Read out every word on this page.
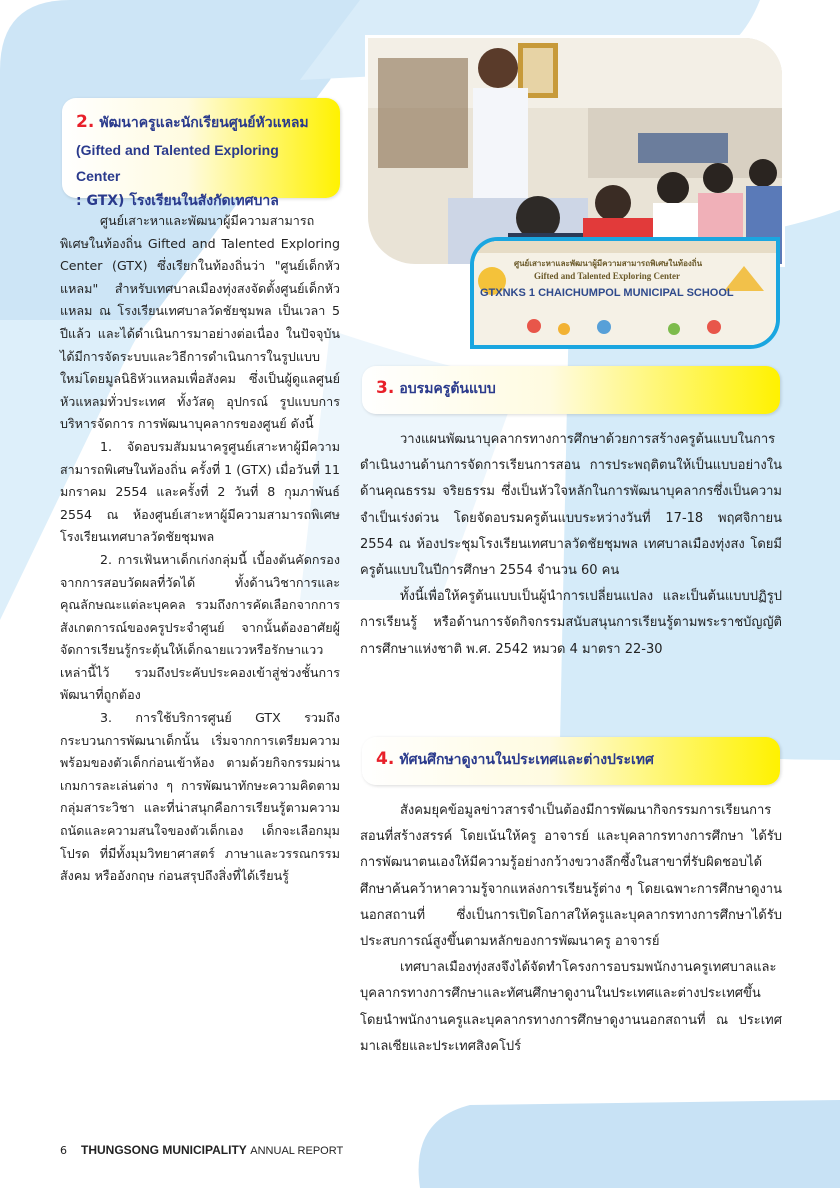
2. พัฒนาครูและนักเรียนศูนย์หัวแหลม
(Gifted and Talented Exploring Center
: GTX) โรงเรียนในสังกัดเทศบาล

ศูนย์เสาะหาและพัฒนาผู้มีความสามารถพิเศษในท้องถิ่น Gifted and Talented Exploring Center (GTX) ซึ่งเรียกในท้องถิ่นว่า "ศูนย์เด็กหัวแหลม" สำหรับเทศบาลเมืองทุ่งสงจัดตั้งศูนย์เด็กหัวแหลม ณ โรงเรียนเทศบาลวัดชัยชุมพล เป็นเวลา 5 ปีแล้ว และได้ดำเนินการมาอย่างต่อเนื่อง ในปัจจุบันได้มีการจัดระบบและวิธีการดำเนินการในรูปแบบใหม่โดยมูลนิธิหัวแหลมเพื่อสังคม ซึ่งเป็นผู้ดูแลศูนย์หัวแหลมทั่วประเทศ ทั้งวัสดุ อุปกรณ์ รูปแบบการบริหารจัดการ การพัฒนาบุคลากรของศูนย์ ดังนี้

1. จัดอบรมสัมมนาครูศูนย์เสาะหาผู้มีความสามารถพิเศษในท้องถิ่น ครั้งที่ 1 (GTX) เมื่อวันที่ 11 มกราคม 2554 และครั้งที่ 2 วันที่ 8 กุมภาพันธ์ 2554 ณ ห้องศูนย์เสาะหาผู้มีความสามารถพิเศษ โรงเรียนเทศบาลวัดชัยชุมพล

2. การเฟ้นหาเด็กเก่งกลุ่มนี้ เบื้องต้นคัดกรองจากการสอบวัดผลที่วัดได้ ทั้งด้านวิชาการและคุณลักษณะแต่ละบุคคล รวมถึงการคัดเลือกจากการสังเกตการณ์ของครูประจำศูนย์ จากนั้นต้องอาศัยผู้จัดการเรียนรู้กระตุ้นให้เด็กฉายแววหรือรักษาแววเหล่านี้ไว้ รวมถึงประคับประคองเข้าสู่ช่วงชั้นการพัฒนาที่ถูกต้อง

3. การใช้บริการศูนย์ GTX รวมถึงกระบวนการพัฒนาเด็กนั้น เริ่มจากการเตรียมความพร้อมของตัวเด็กก่อนเข้าห้อง ตามด้วยกิจกรรมผ่านเกมการละเล่นต่าง ๆ การพัฒนาทักษะความคิดตามกลุ่มสาระวิชา และที่น่าสนุกคือการเรียนรู้ตามความถนัดและความสนใจของตัวเด็กเอง เด็กจะเลือกมุมโปรด ที่มีทั้งมุมวิทยาศาสตร์ ภาษาและวรรณกรรม สังคม หรืออังกฤษ ก่อนสรุปถึงสิ่งที่ได้เรียนรู้

ศูนย์เสาะหาและพัฒนาผู้มีความสามารถพิเศษในท้องถิ่น
Gifted and Talented Exploring Center
GTXNKS 1 CHAICHUMPOL MUNICIPAL SCHOOL
3. อบรมครูต้นแบบ

วางแผนพัฒนาบุคลากรทางการศึกษาด้วยการสร้างครูต้นแบบในการดำเนินงานด้านการจัดการเรียนการสอน การประพฤติตนให้เป็นแบบอย่างในด้านคุณธรรม จริยธรรม ซึ่งเป็นหัวใจหลักในการพัฒนาบุคลากรซึ่งเป็นความจำเป็นเร่งด่วน โดยจัดอบรมครูต้นแบบระหว่างวันที่ 17-18 พฤศจิกายน 2554 ณ ห้องประชุมโรงเรียนเทศบาลวัดชัยชุมพล เทศบาลเมืองทุ่งสง โดยมีครูต้นแบบในปีการศึกษา 2554 จำนวน 60 คน

ทั้งนี้เพื่อให้ครูต้นแบบเป็นผู้นำการเปลี่ยนแปลง และเป็นต้นแบบปฏิรูปการเรียนรู้ หรือด้านการจัดกิจกรรมสนับสนุนการเรียนรู้ตามพระราชบัญญัติการศึกษาแห่งชาติ พ.ศ. 2542 หมวด 4 มาตรา 22-30

4. ทัศนศึกษาดูงานในประเทศและต่างประเทศ

สังคมยุคข้อมูลข่าวสารจำเป็นต้องมีการพัฒนากิจกรรมการเรียนการสอนที่สร้างสรรค์ โดยเน้นให้ครู อาจารย์ และบุคลากรทางการศึกษา ได้รับการพัฒนาตนเองให้มีความรู้อย่างกว้างขวางลึกซึ้งในสาขาที่รับผิดชอบได้ศึกษาค้นคว้าหาความรู้จากแหล่งการเรียนรู้ต่าง ๆ โดยเฉพาะการศึกษาดูงานนอกสถานที่ ซึ่งเป็นการเปิดโอกาสให้ครูและบุคลากรทางการศึกษาได้รับประสบการณ์สูงขึ้นตามหลักของการพัฒนาครู อาจารย์

เทศบาลเมืองทุ่งสงจึงได้จัดทำโครงการอบรมพนักงานครูเทศบาลและบุคลากรทางการศึกษาและทัศนศึกษาดูงานในประเทศและต่างประเทศขึ้น โดยนำพนักงานครูและบุคลากรทางการศึกษาดูงานนอกสถานที่ ณ ประเทศมาเลเซียและประเทศสิงคโปร์

6 THUNGSONG MUNICIPALITY ANNUAL REPORT
